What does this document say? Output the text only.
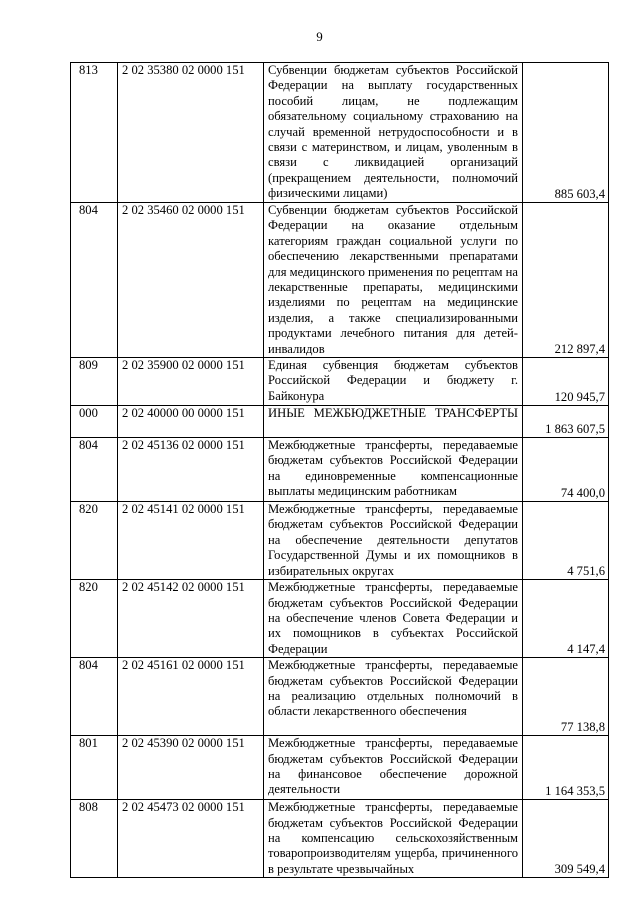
9
813	2 02 35380 02 0000 151	Субвенции бюджетам субъектов Российской Федерации на выплату государственных пособий лицам, не подлежащим обязательному социальному страхованию на случай временной нетрудоспособности и в связи с материнством, и лицам, уволенным в связи с ликвидацией организаций (прекращением деятельности, полномочий физическими лицами)	885 603,4
804	2 02 35460 02 0000 151	Субвенции бюджетам субъектов Российской Федерации на оказание отдельным категориям граждан социальной услуги по обеспечению лекарственными препаратами для медицинского применения по рецептам на лекарственные препараты, медицинскими изделиями по рецептам на медицинские изделия, а также специализированными продуктами лечебного питания для детей-инвалидов	212 897,4
809	2 02 35900 02 0000 151	Единая субвенция бюджетам субъектов Российской Федерации и бюджету г. Байконура	120 945,7
000	2 02 40000 00 0000 151	ИНЫЕ МЕЖБЮДЖЕТНЫЕ ТРАНСФЕРТЫ	1 863 607,5
804	2 02 45136 02 0000 151	Межбюджетные трансферты, передаваемые бюджетам субъектов Российской Федерации на единовременные компенсационные выплаты медицинским работникам	74 400,0
820	2 02 45141 02 0000 151	Межбюджетные трансферты, передаваемые бюджетам субъектов Российской Федерации на обеспечение деятельности депутатов Государственной Думы и их помощников в избирательных округах	4 751,6
820	2 02 45142 02 0000 151	Межбюджетные трансферты, передаваемые бюджетам субъектов Российской Федерации на обеспечение членов Совета Федерации и их помощников в субъектах Российской Федерации	4 147,4
804	2 02 45161 02 0000 151	Межбюджетные трансферты, передаваемые бюджетам субъектов Российской Федерации на реализацию отдельных полномочий в области лекарственного обеспечения	77 138,8
801	2 02 45390 02 0000 151	Межбюджетные трансферты, передаваемые бюджетам субъектов Российской Федерации на финансовое обеспечение дорожной деятельности	1 164 353,5
808	2 02 45473 02 0000 151	Межбюджетные трансферты, передаваемые бюджетам субъектов Российской Федерации на компенсацию сельскохозяйственным товаропроизводителям ущерба, причиненного в результате чрезвычайных	309 549,4
